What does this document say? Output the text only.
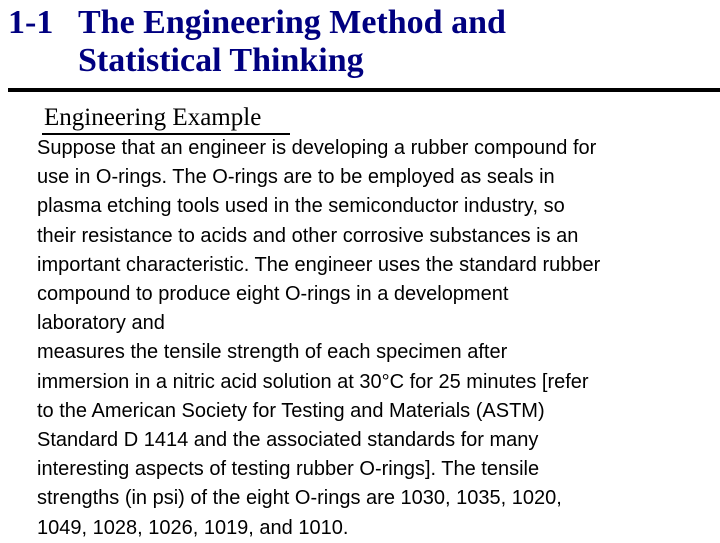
1-1 The Engineering Method and
Statistical Thinking
Engineering Example
Suppose that an engineer is developing a rubber compound for
use in O-rings. The O-rings are to be employed as seals in
plasma etching tools used in the semiconductor industry, so
their resistance to acids and other corrosive substances is an
important characteristic. The engineer uses the standard rubber
compound to produce eight O-rings in a development
laboratory and
measures the tensile strength of each specimen after
immersion in a nitric acid solution at 30°C for 25 minutes [refer
to the American Society for Testing and Materials (ASTM)
Standard D 1414 and the associated standards for many
interesting aspects of testing rubber O-rings]. The tensile
strengths (in psi) of the eight O-rings are 1030, 1035, 1020,
1049, 1028, 1026, 1019, and 1010.
